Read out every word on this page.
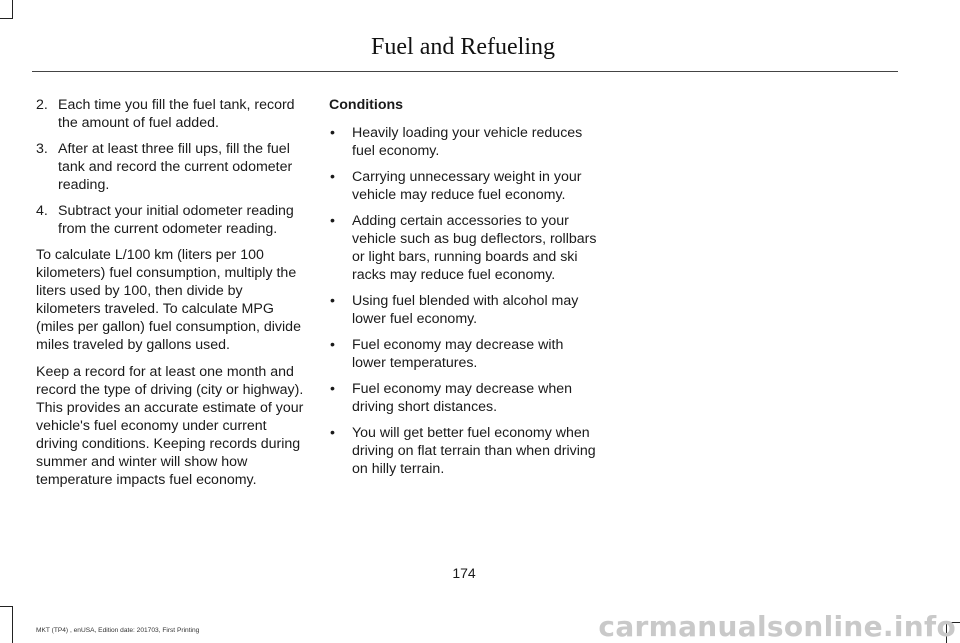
Fuel and Refueling
2. Each time you fill the fuel tank, record the amount of fuel added.
3. After at least three fill ups, fill the fuel tank and record the current odometer reading.
4. Subtract your initial odometer reading from the current odometer reading.

To calculate L/100 km (liters per 100 kilometers) fuel consumption, multiply the liters used by 100, then divide by kilometers traveled. To calculate MPG (miles per gallon) fuel consumption, divide miles traveled by gallons used.

Keep a record for at least one month and record the type of driving (city or highway). This provides an accurate estimate of your vehicle's fuel economy under current driving conditions. Keeping records during summer and winter will show how temperature impacts fuel economy.

Conditions

• Heavily loading your vehicle reduces fuel economy.
• Carrying unnecessary weight in your vehicle may reduce fuel economy.
• Adding certain accessories to your vehicle such as bug deflectors, rollbars or light bars, running boards and ski racks may reduce fuel economy.
• Using fuel blended with alcohol may lower fuel economy.
• Fuel economy may decrease with lower temperatures.
• Fuel economy may decrease when driving short distances.
• You will get better fuel economy when driving on flat terrain than when driving on hilly terrain.
174
MKT (TP4) , enUSA, Edition date: 201703, First Printing	carmanualsonline.info
